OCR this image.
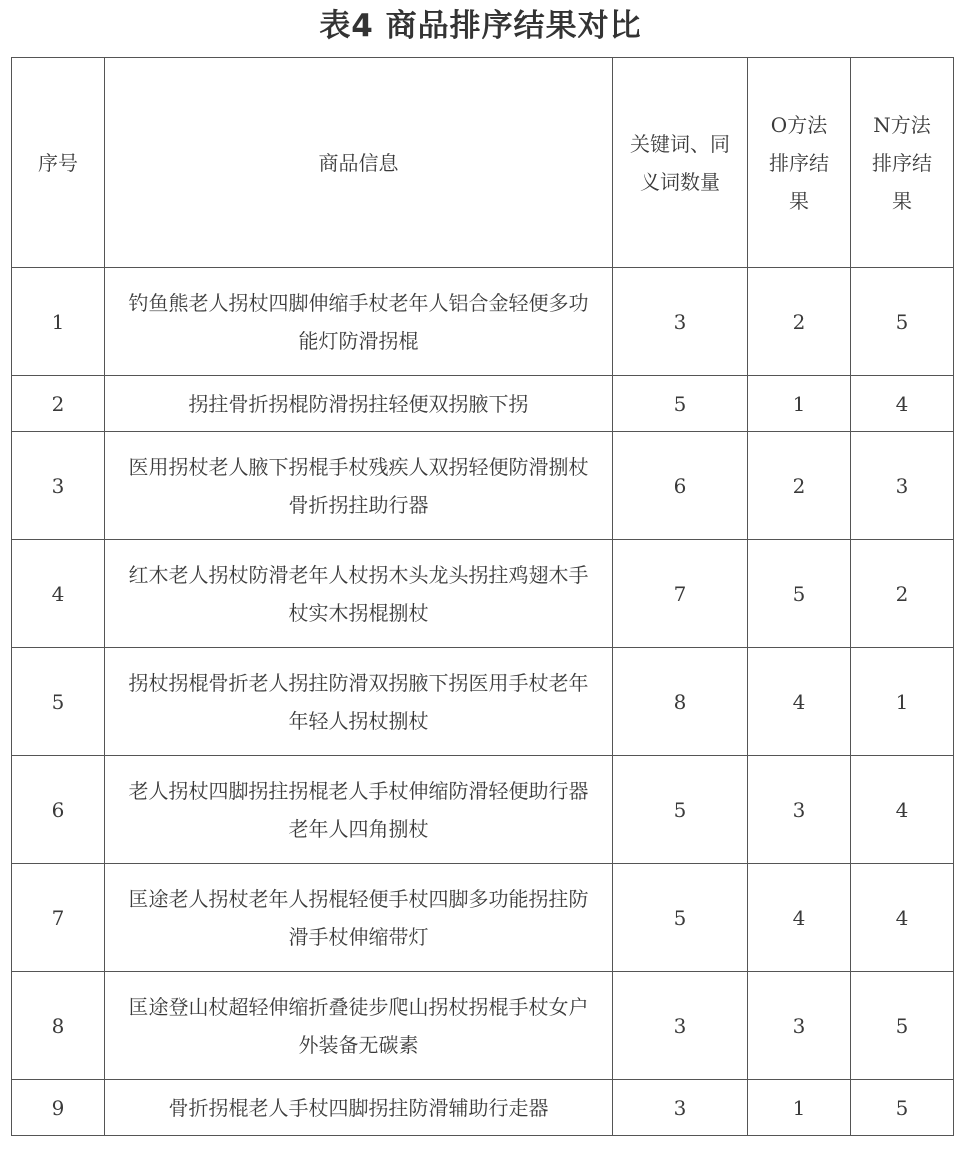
表4 商品排序结果对比
序号	商品信息	关键词、同义词数量	O方法排序结果	N方法排序结果
1	钓鱼熊老人拐杖四脚伸缩手杖老年人铝合金轻便多功能灯防滑拐棍	3	2	5
2	拐拄骨折拐棍防滑拐拄轻便双拐腋下拐	5	1	4
3	医用拐杖老人腋下拐棍手杖残疾人双拐轻便防滑捌杖骨折拐拄助行器	6	2	3
4	红木老人拐杖防滑老年人杖拐木头龙头拐拄鸡翅木手杖实木拐棍捌杖	7	5	2
5	拐杖拐棍骨折老人拐拄防滑双拐腋下拐医用手杖老年年轻人拐杖捌杖	8	4	1
6	老人拐杖四脚拐拄拐棍老人手杖伸缩防滑轻便助行器老年人四角捌杖	5	3	4
7	匡途老人拐杖老年人拐棍轻便手杖四脚多功能拐拄防滑手杖伸缩带灯	5	4	4
8	匡途登山杖超轻伸缩折叠徒步爬山拐杖拐棍手杖女户外装备无碳素	3	3	5
9	骨折拐棍老人手杖四脚拐拄防滑辅助行走器	3	1	5
